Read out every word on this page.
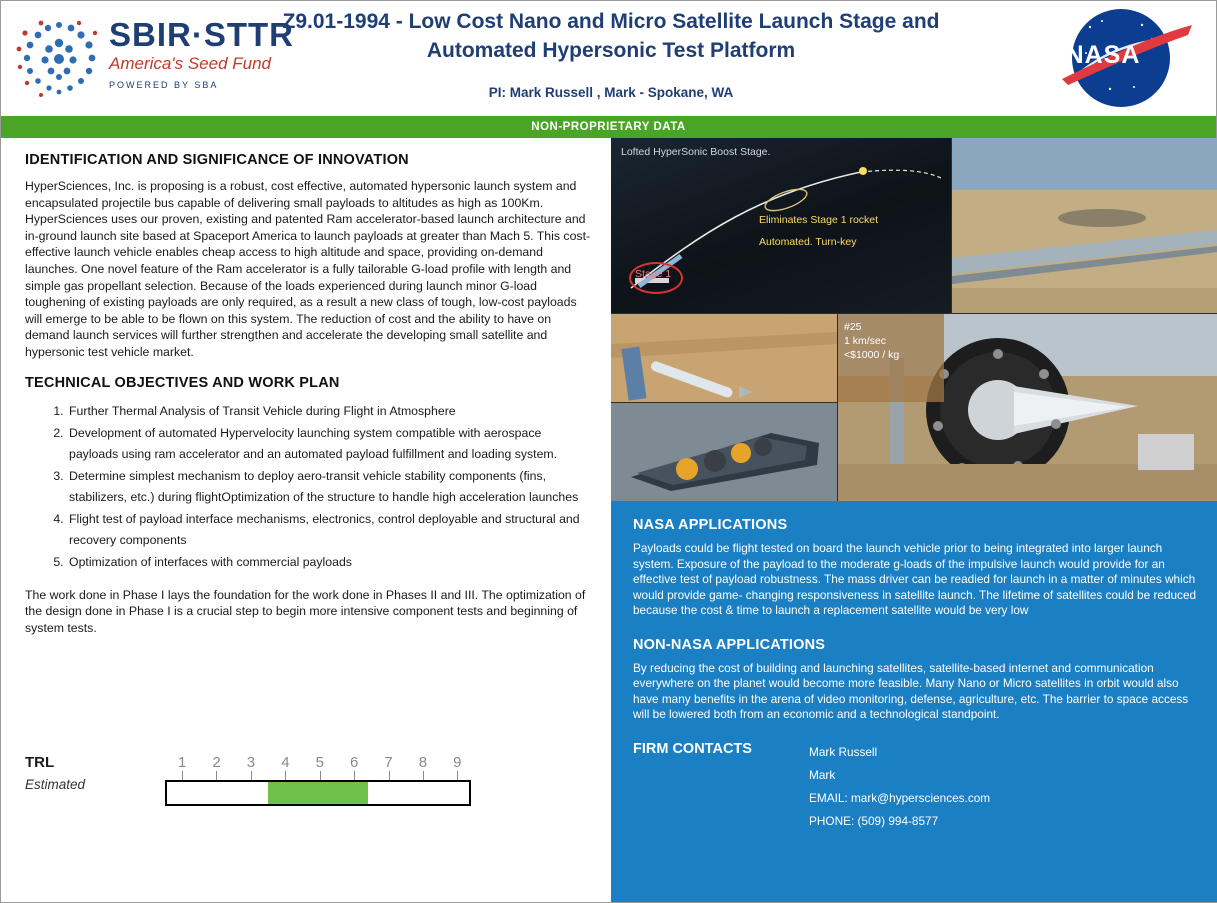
SBIR·STTR
America's Seed Fund
POWERED BY SBA
Z9.01-1994 - Low Cost Nano and Micro Satellite Launch Stage and Automated Hypersonic Test Platform
PI: Mark Russell , Mark - Spokane, WA
NASA
NON-PROPRIETARY DATA
IDENTIFICATION AND SIGNIFICANCE OF INNOVATION

HyperSciences, Inc. is proposing is a robust, cost effective, automated hypersonic launch system and encapsulated projectile bus capable of delivering small payloads to altitudes as high as 100Km. HyperSciences uses our proven, existing and patented Ram accelerator-based launch architecture and in-ground launch site based at Spaceport America to launch payloads at greater than Mach 5. This cost-effective launch vehicle enables cheap access to high altitude and space, providing on-demand launches. One novel feature of the Ram accelerator is a fully tailorable G-load profile with length and simple gas propellant selection. Because of the loads experienced during launch minor G-load toughening of existing payloads are only required, as a result a new class of tough, low-cost payloads will emerge to be able to be flown on this system. The reduction of cost and the ability to have on demand launch services will further strengthen and accelerate the developing small satellite and hypersonic test vehicle market.

TECHNICAL OBJECTIVES AND WORK PLAN
1. Further Thermal Analysis of Transit Vehicle during Flight in Atmosphere
2. Development of automated Hypervelocity launching system compatible with aerospace payloads using ram accelerator and an automated payload fulfillment and loading system.
3. Determine simplest mechanism to deploy aero-transit vehicle stability components (fins, stabilizers, etc.) during flightOptimization of the structure to handle high acceleration launches
4. Flight test of payload interface mechanisms, electronics, control deployable and structural and recovery components
5. Optimization of interfaces with commercial payloads

The work done in Phase I lays the foundation for the work done in Phases II and III. The optimization of the design done in Phase I is a crucial step to begin more intensive component tests and beginning of system tests.

TRL
Estimated
1	2	3	4	5	6	7	8	9
Lofted HyperSonic Boost Stage.
Eliminates Stage 1 rocket
Automated. Turn-key
Stage 1
#25
1 km/sec
<$1000 / kg
NASA APPLICATIONS

Payloads could be flight tested on board the launch vehicle prior to being integrated into larger launch system. Exposure of the payload to the moderate g-loads of the impulsive launch would provide for an effective test of payload robustness. The mass driver can be readied for launch in a matter of minutes which would provide game- changing responsiveness in satellite launch. The lifetime of satellites could be reduced because the cost & time to launch a replacement satellite would be very low

NON-NASA APPLICATIONS

By reducing the cost of building and launching satellites, satellite-based internet and communication everywhere on the planet would become more feasible. Many Nano or Micro satellites in orbit would also have many benefits in the arena of video monitoring, defense, agriculture, etc. The barrier to space access will be lowered both from an economic and a technological standpoint.

FIRM CONTACTS	Mark Russell
Mark
EMAIL: mark@hypersciences.com
PHONE: (509) 994-8577
